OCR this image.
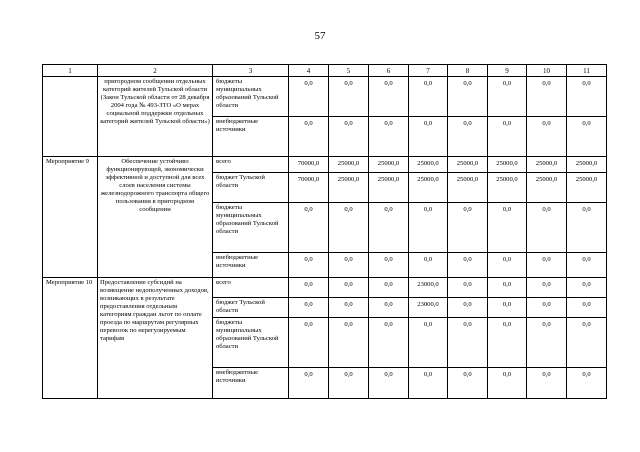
57
1	2	3	4	5	6	7	8	9	10	11
	пригородном сообщении отдельных категорий жителей Тульской области (Закон Тульской области от 28 декабря 2004 года № 493-ЗТО «О мерах социальной поддержки отдельных категорий жителей Тульской области»)	бюджеты муниципальных образований Тульской области	0,0	0,0	0,0	0,0	0,0	0,0	0,0	0,0
		внебюджетные источники	0,0	0,0	0,0	0,0	0,0	0,0	0,0	0,0
Мероприятие 9	Обеспечение устойчиво функционирующей, экономически эффективной и доступной для всех слоев населения системы железнодорожного транспорта общего пользования в пригородном сообщении	всего	70000,0	25000,0	25000,0	25000,0	25000,0	25000,0	25000,0	25000,0
		бюджет Тульской области	70000,0	25000,0	25000,0	25000,0	25000,0	25000,0	25000,0	25000,0
		бюджеты муниципальных образований Тульской области	0,0	0,0	0,0	0,0	0,0	0,0	0,0	0,0
		внебюджетные источники	0,0	0,0	0,0	0,0	0,0	0,0	0,0	0,0
Мероприятие 10	Предоставление субсидий на возмещение недополученных доходов, возникающих в результате предоставления отдельным категориям граждан льгот по оплате проезда по маршрутам регулярных перевозок по нерегулируемым тарифам	всего	0,0	0,0	0,0	23000,0	0,0	0,0	0,0	0,0
		бюджет Тульской области	0,0	0,0	0,0	23000,0	0,0	0,0	0,0	0,0
		бюджеты муниципальных образований Тульской области	0,0	0,0	0,0	0,0	0,0	0,0	0,0	0,0
		внебюджетные источники	0,0	0,0	0,0	0,0	0,0	0,0	0,0	0,0
